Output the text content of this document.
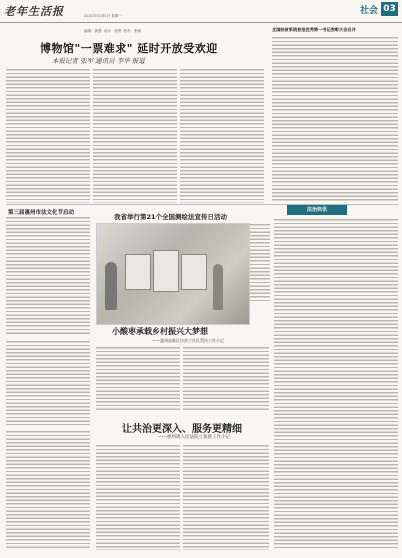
老年生活报

	2021年5月31日 星期一

编辑：黄强  设计：张勇  校对：张海

社会 03
博物馆"一票难求" 延时开放受欢迎
本报记者 张军 通讯员 李华 报道
全国扶贫系统首批优秀第一书记表彰大会召开
第三届惠州市法文化节启动	我省举行第21个全国测绘法宣传日活动
法治快讯
小酸枣承载乡村振兴大梦想
——惠州高新区扶贫工作队帮扶工作小记
让共治更深入、服务更精细
——惠州镇人民法院立案庭工作小记
